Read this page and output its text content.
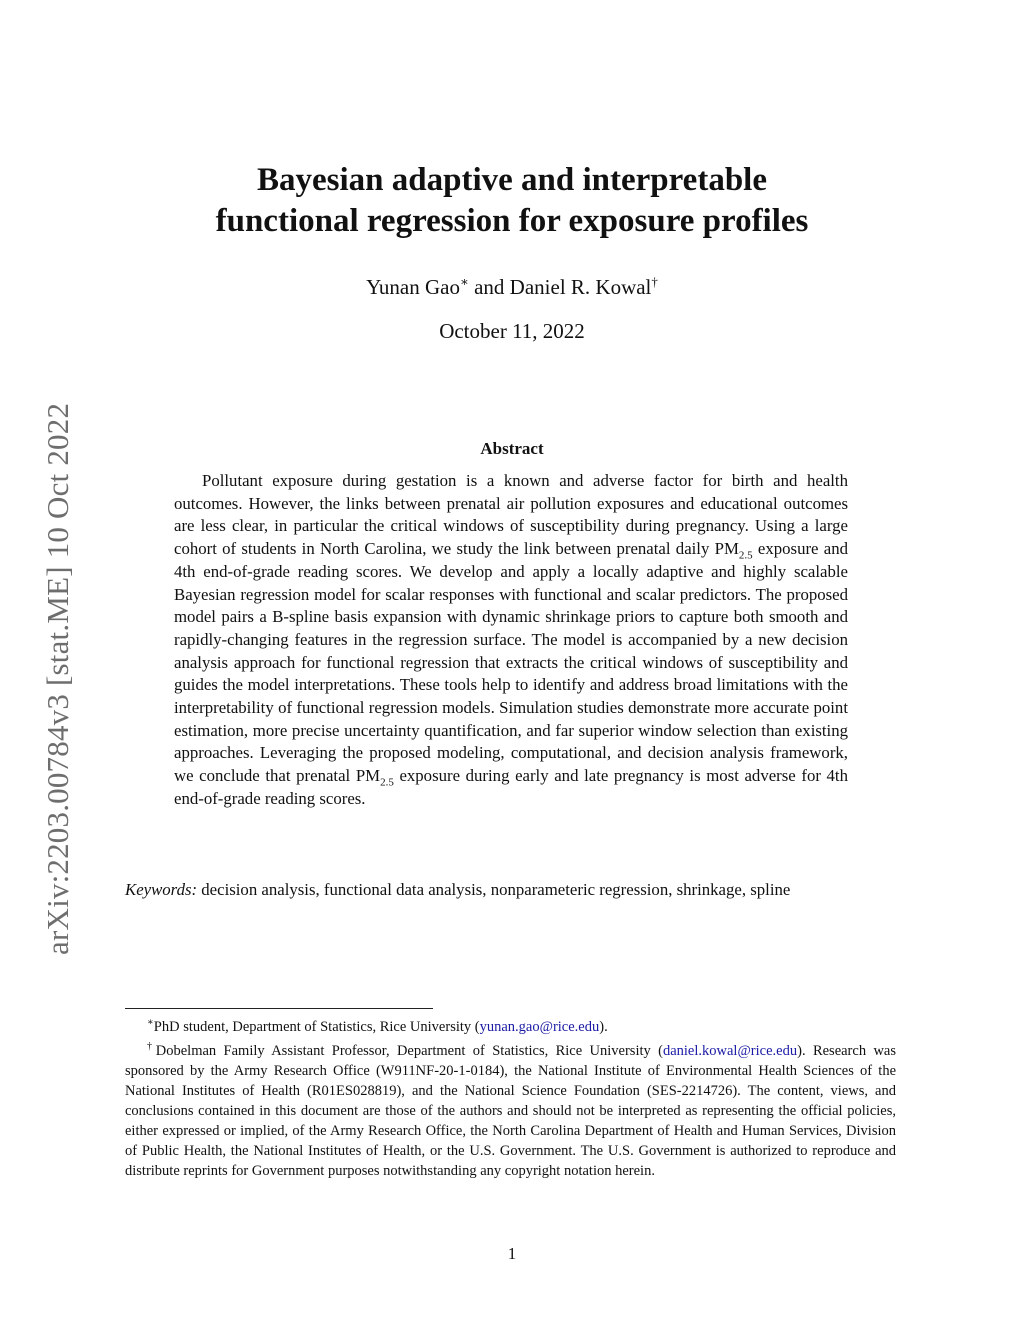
arXiv:2203.00784v3 [stat.ME] 10 Oct 2022
Bayesian adaptive and interpretable
functional regression for exposure profiles
Yunan Gao∗ and Daniel R. Kowal†
October 11, 2022
Abstract
Pollutant exposure during gestation is a known and adverse factor for birth and health outcomes. However, the links between prenatal air pollution exposures and educational outcomes are less clear, in particular the critical windows of susceptibility during pregnancy. Using a large cohort of students in North Carolina, we study the link between prenatal daily $PM_{2.5}$ exposure and 4th end-of-grade reading scores. We develop and apply a locally adaptive and highly scalable Bayesian regression model for scalar responses with functional and scalar predictors. The proposed model pairs a B-spline basis expansion with dynamic shrinkage priors to capture both smooth and rapidly-changing features in the regression surface. The model is accompanied by a new decision analysis approach for functional regression that extracts the critical windows of susceptibility and guides the model interpretations. These tools help to identify and address broad limitations with the interpretability of functional regression models. Simulation studies demonstrate more accurate point estimation, more precise uncertainty quantification, and far superior window selection than existing approaches. Leveraging the proposed modeling, computational, and decision analysis framework, we conclude that prenatal $PM_{2.5}$ exposure during early and late pregnancy is most adverse for 4th end-of-grade reading scores.
Keywords: decision analysis, functional data analysis, nonparameteric regression, shrinkage, spline

∗PhD student, Department of Statistics, Rice University (yunan.gao@rice.edu).

†Dobelman Family Assistant Professor, Department of Statistics, Rice University (daniel.kowal@rice.edu). Research was sponsored by the Army Research Office (W911NF-20-1-0184), the National Institute of Environmental Health Sciences of the National Institutes of Health (R01ES028819), and the National Science Foundation (SES-2214726). The content, views, and conclusions contained in this document are those of the authors and should not be interpreted as representing the official policies, either expressed or implied, of the Army Research Office, the North Carolina Department of Health and Human Services, Division of Public Health, the National Institutes of Health, or the U.S. Government. The U.S. Government is authorized to reproduce and distribute reprints for Government purposes notwithstanding any copyright notation herein.

1
